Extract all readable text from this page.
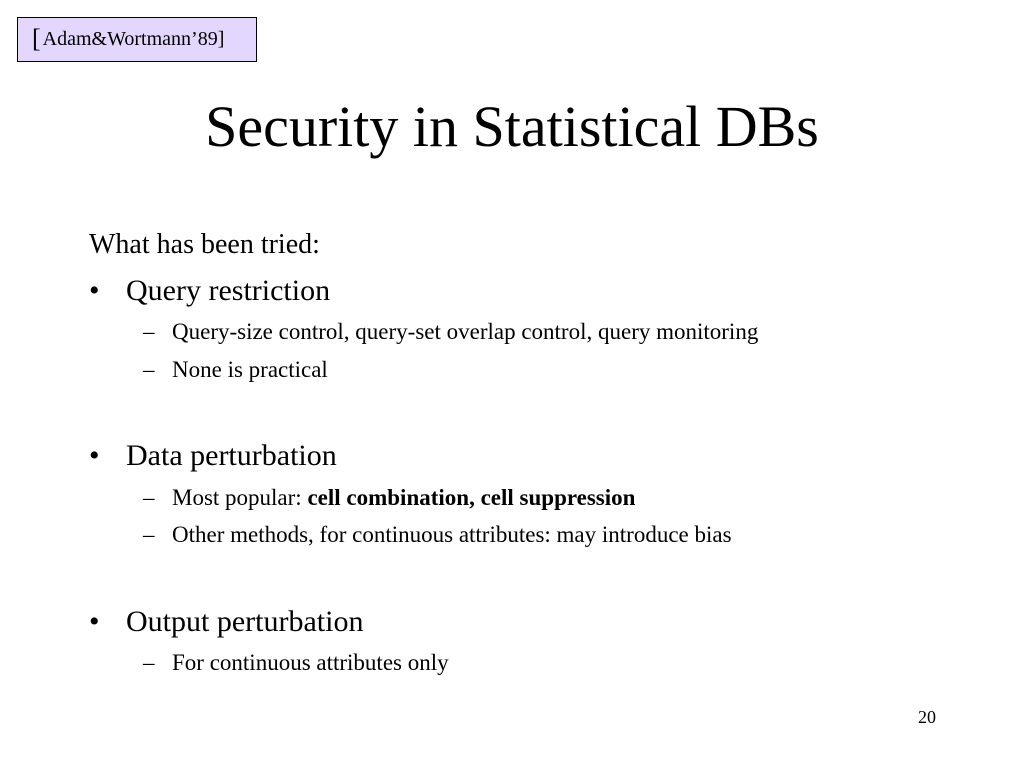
[ Adam&Wortmann’89]
Security in Statistical DBs
What has been tried:
• Query restriction
– Query-size control, query-set overlap control, query monitoring
– None is practical
• Data perturbation
– Most popular: cell combination, cell suppression
– Other methods, for continuous attributes: may introduce bias
• Output perturbation
– For continuous attributes only
20
